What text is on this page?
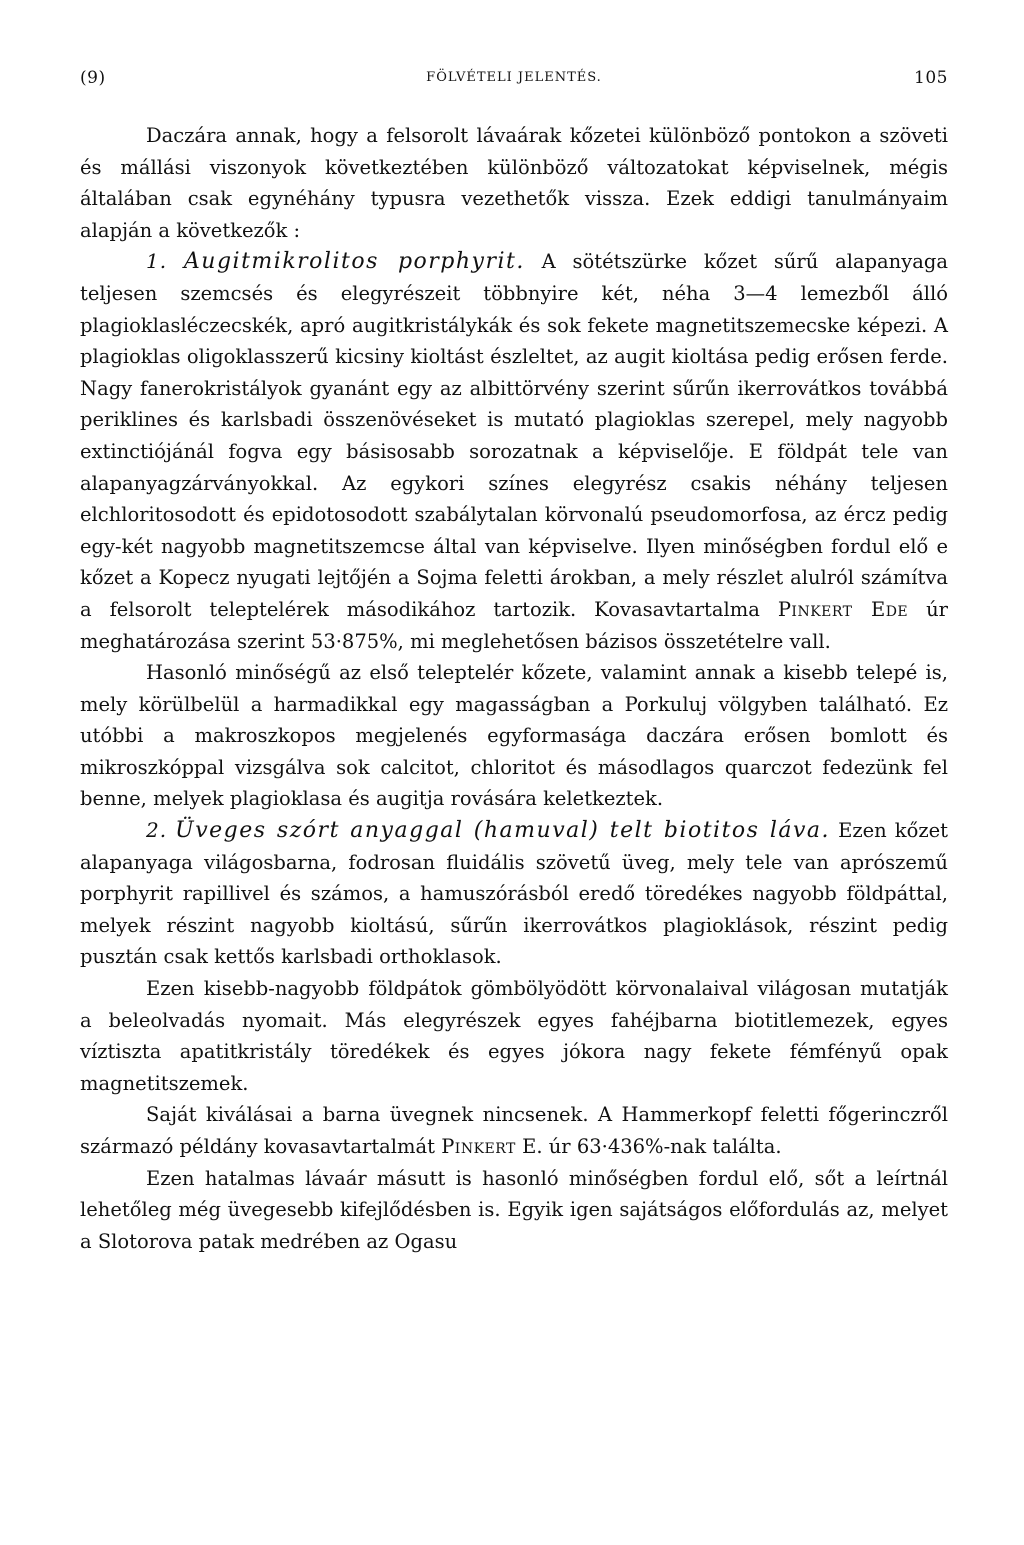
(9)	FÖLVÉTELI JELENTÉS.	105

Daczára annak, hogy a felsorolt lávaárak kőzetei különböző pontokon a szöveti és mállási viszonyok következtében különböző változatokat képviselnek, mégis általában csak egynéhány typusra vezethetők vissza. Ezek eddigi tanulmányaim alapján a következők :

1. Augitmikrolitos porphyrit. A sötétszürke kőzet sűrű alapanyaga teljesen szemcsés és elegyrészeit többnyire két, néha 3—4 lemezből álló plagioklasléczecskék, apró augitkristálykák és sok fekete magnetitszemecske képezi. A plagioklas oligoklasszerű kicsiny kioltást észleltet, az augit kioltása pedig erősen ferde. Nagy fanerokristályok gyanánt egy az albittörvény szerint sűrűn ikerrovátkos továbbá periklines és karlsbadi összenövéseket is mutató plagioklas szerepel, mely nagyobb extinctiójánál fogva egy básisosabb sorozatnak a képviselője. E földpát tele van alapanyagzárványokkal. Az egykori színes elegyrész csakis néhány teljesen elchloritosodott és epidotosodott szabálytalan körvonalú pseudomorfosa, az ércz pedig egy-két nagyobb magnetitszemcse által van képviselve. Ilyen minőségben fordul elő e kőzet a Kopecz nyugati lejtőjén a Sojma feletti árokban, a mely részlet alulról számítva a felsorolt teleptelérek másodikához tartozik. Kovasavtartalma Pinkert Ede úr meghatározása szerint 53·875%, mi meglehetősen bázisos összetételre vall.

Hasonló minőségű az első teleptelér kőzete, valamint annak a kisebb telepé is, mely körülbelül a harmadikkal egy magasságban a Porkuluj völgyben található. Ez utóbbi a makroszkopos megjelenés egyformasága daczára erősen bomlott és mikroszkóppal vizsgálva sok calcitot, chloritot és másodlagos quarczot fedezünk fel benne, melyek plagioklasa és augitja rovására keletkeztek.

2. Üveges szórt anyaggal (hamuval) telt biotitos láva. Ezen kőzet alapanyaga világosbarna, fodrosan fluidális szövetű üveg, mely tele van aprószemű porphyrit rapillivel és számos, a hamuszórásból eredő töredékes nagyobb földpáttal, melyek részint nagyobb kioltású, sűrűn ikerrovátkos plagioklások, részint pedig pusztán csak kettős karlsbadi orthoklasok.

Ezen kisebb-nagyobb földpátok gömbölyödött körvonalaival világosan mutatják a beleolvadás nyomait. Más elegyrészek egyes fahéjbarna biotitlemezek, egyes víztiszta apatitkristály töredékek és egyes jókora nagy fekete fémfényű opak magnetitszemek.

Saját kiválásai a barna üvegnek nincsenek. A Hammerkopf feletti főgerinczről származó példány kovasavtartalmát Pinkert E. úr 63·436%-nak találta.

Ezen hatalmas lávaár másutt is hasonló minőségben fordul elő, sőt a leírtnál lehetőleg még üvegesebb kifejlődésben is. Egyik igen sajátságos előfordulás az, melyet a Slotorova patak medrében az Ogasu
